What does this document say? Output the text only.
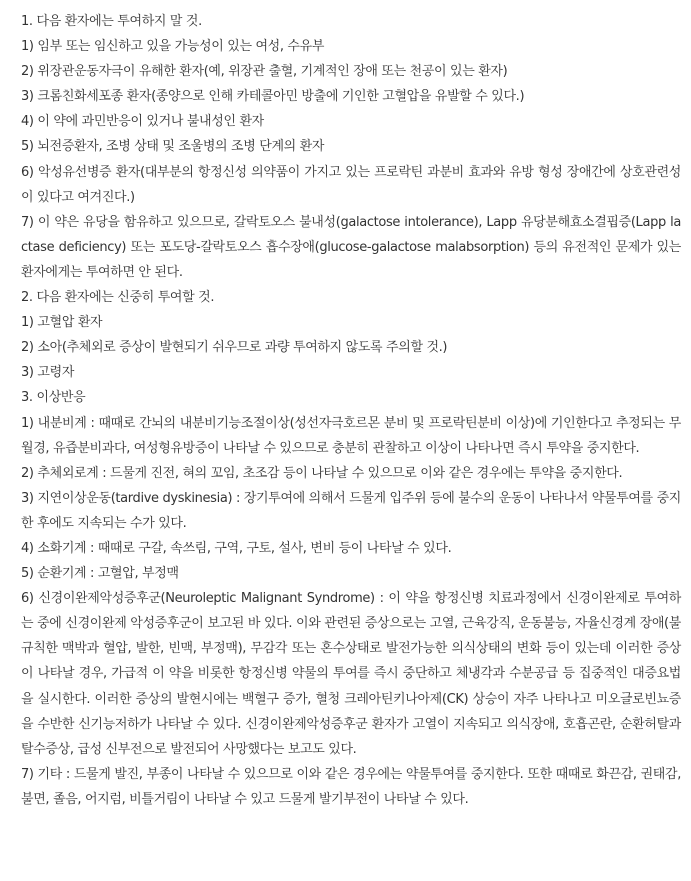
1. 다음 환자에는 투여하지 말 것.

1) 임부 또는 임신하고 있을 가능성이 있는 여성, 수유부

2) 위장관운동자극이 유해한 환자(예, 위장관 출혈, 기계적인 장애 또는 천공이 있는 환자)

3) 크롬친화세포종 환자(종양으로 인해 카테콜아민 방출에 기인한 고혈압을 유발할 수 있다.)

4) 이 약에 과민반응이 있거나 불내성인 환자

5) 뇌전증환자, 조병 상태 및 조울병의 조병 단계의 환자

6) 악성유선병증 환자(대부분의 항정신성 의약품이 가지고 있는 프로락틴 과분비 효과와 유방 형성 장애간에 상호관련성이 있다고 여겨진다.)

7) 이 약은 유당을 함유하고 있으므로, 갈락토오스 불내성(galactose intolerance), Lapp 유당분해효소결핍증(Lapp lactase deficiency) 또는 포도당-갈락토오스 흡수장애(glucose-galactose malabsorption) 등의 유전적인 문제가 있는 환자에게는 투여하면 안 된다.

2. 다음 환자에는 신중히 투여할 것.

1) 고혈압 환자

2) 소아(추체외로 증상이 발현되기 쉬우므로 과량 투여하지 않도록 주의할 것.)

3) 고령자

3. 이상반응

1) 내분비계 : 때때로 간뇌의 내분비기능조절이상(성선자극호르몬 분비 및 프로락틴분비 이상)에 기인한다고 추정되는 무월경, 유즙분비과다, 여성형유방증이 나타날 수 있으므로 충분히 관찰하고 이상이 나타나면 즉시 투약을 중지한다.

2) 추체외로계 : 드물게 진전, 혀의 꼬임, 초조감 등이 나타날 수 있으므로 이와 같은 경우에는 투약을 중지한다.

3) 지연이상운동(tardive dyskinesia) : 장기투여에 의해서 드물게 입주위 등에 불수의 운동이 나타나서 약물투여를 중지한 후에도 지속되는 수가 있다.

4) 소화기계 : 때때로 구갈, 속쓰림, 구역, 구토, 설사, 변비 등이 나타날 수 있다.

5) 순환기계 : 고혈압, 부정맥

6) 신경이완제악성증후군(Neuroleptic Malignant Syndrome) : 이 약을 항정신병 치료과정에서 신경이완제로 투여하는 중에 신경이완제 악성증후군이 보고된 바 있다. 이와 관련된 증상으로는 고열, 근육강직, 운동불능, 자율신경계 장애(불규칙한 맥박과 혈압, 발한, 빈맥, 부정맥), 무감각 또는 혼수상태로 발전가능한 의식상태의 변화 등이 있는데 이러한 증상이 나타날 경우, 가급적 이 약을 비롯한 항정신병 약물의 투여를 즉시 중단하고 체냉각과 수분공급 등 집중적인 대증요법을 실시한다. 이러한 증상의 발현시에는 백혈구 증가, 혈청 크레아틴키나아제(CK) 상승이 자주 나타나고 미오글로빈뇨증을 수반한 신기능저하가 나타날 수 있다. 신경이완제악성증후군 환자가 고열이 지속되고 의식장애, 호흡곤란, 순환허탈과 탈수증상, 급성 신부전으로 발전되어 사망했다는 보고도 있다.

7) 기타 : 드물게 발진, 부종이 나타날 수 있으므로 이와 같은 경우에는 약물투여를 중지한다. 또한 때때로 화끈감, 권태감, 불면, 졸음, 어지럼, 비틀거림이 나타날 수 있고 드물게 발기부전이 나타날 수 있다.
